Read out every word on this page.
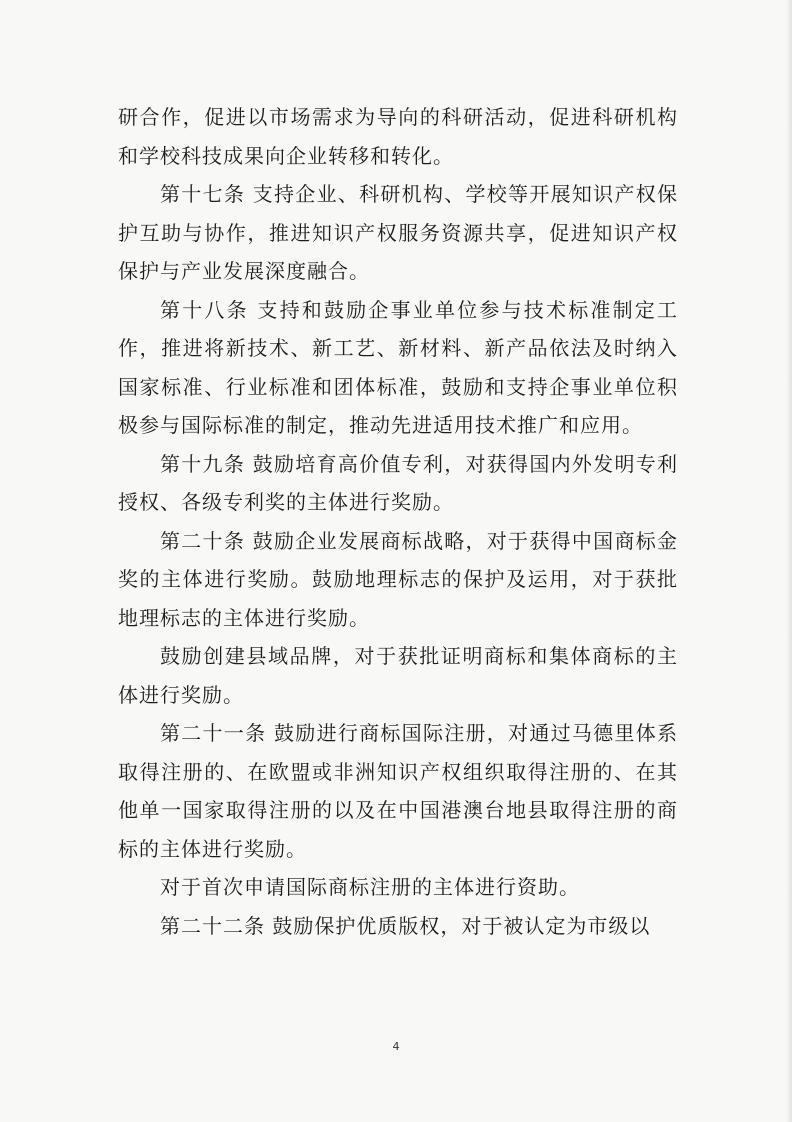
研合作，促进以市场需求为导向的科研活动，促进科研机构和学校科技成果向企业转移和转化。

第十七条 支持企业、科研机构、学校等开展知识产权保护互助与协作，推进知识产权服务资源共享，促进知识产权保护与产业发展深度融合。

第十八条 支持和鼓励企事业单位参与技术标准制定工作，推进将新技术、新工艺、新材料、新产品依法及时纳入国家标准、行业标准和团体标准，鼓励和支持企事业单位积极参与国际标准的制定，推动先进适用技术推广和应用。

第十九条 鼓励培育高价值专利，对获得国内外发明专利授权、各级专利奖的主体进行奖励。

第二十条 鼓励企业发展商标战略，对于获得中国商标金奖的主体进行奖励。鼓励地理标志的保护及运用，对于获批地理标志的主体进行奖励。

鼓励创建县域品牌，对于获批证明商标和集体商标的主体进行奖励。

第二十一条 鼓励进行商标国际注册，对通过马德里体系取得注册的、在欧盟或非洲知识产权组织取得注册的、在其他单一国家取得注册的以及在中国港澳台地县取得注册的商标的主体进行奖励。

对于首次申请国际商标注册的主体进行资助。

第二十二条 鼓励保护优质版权，对于被认定为市级以

4
